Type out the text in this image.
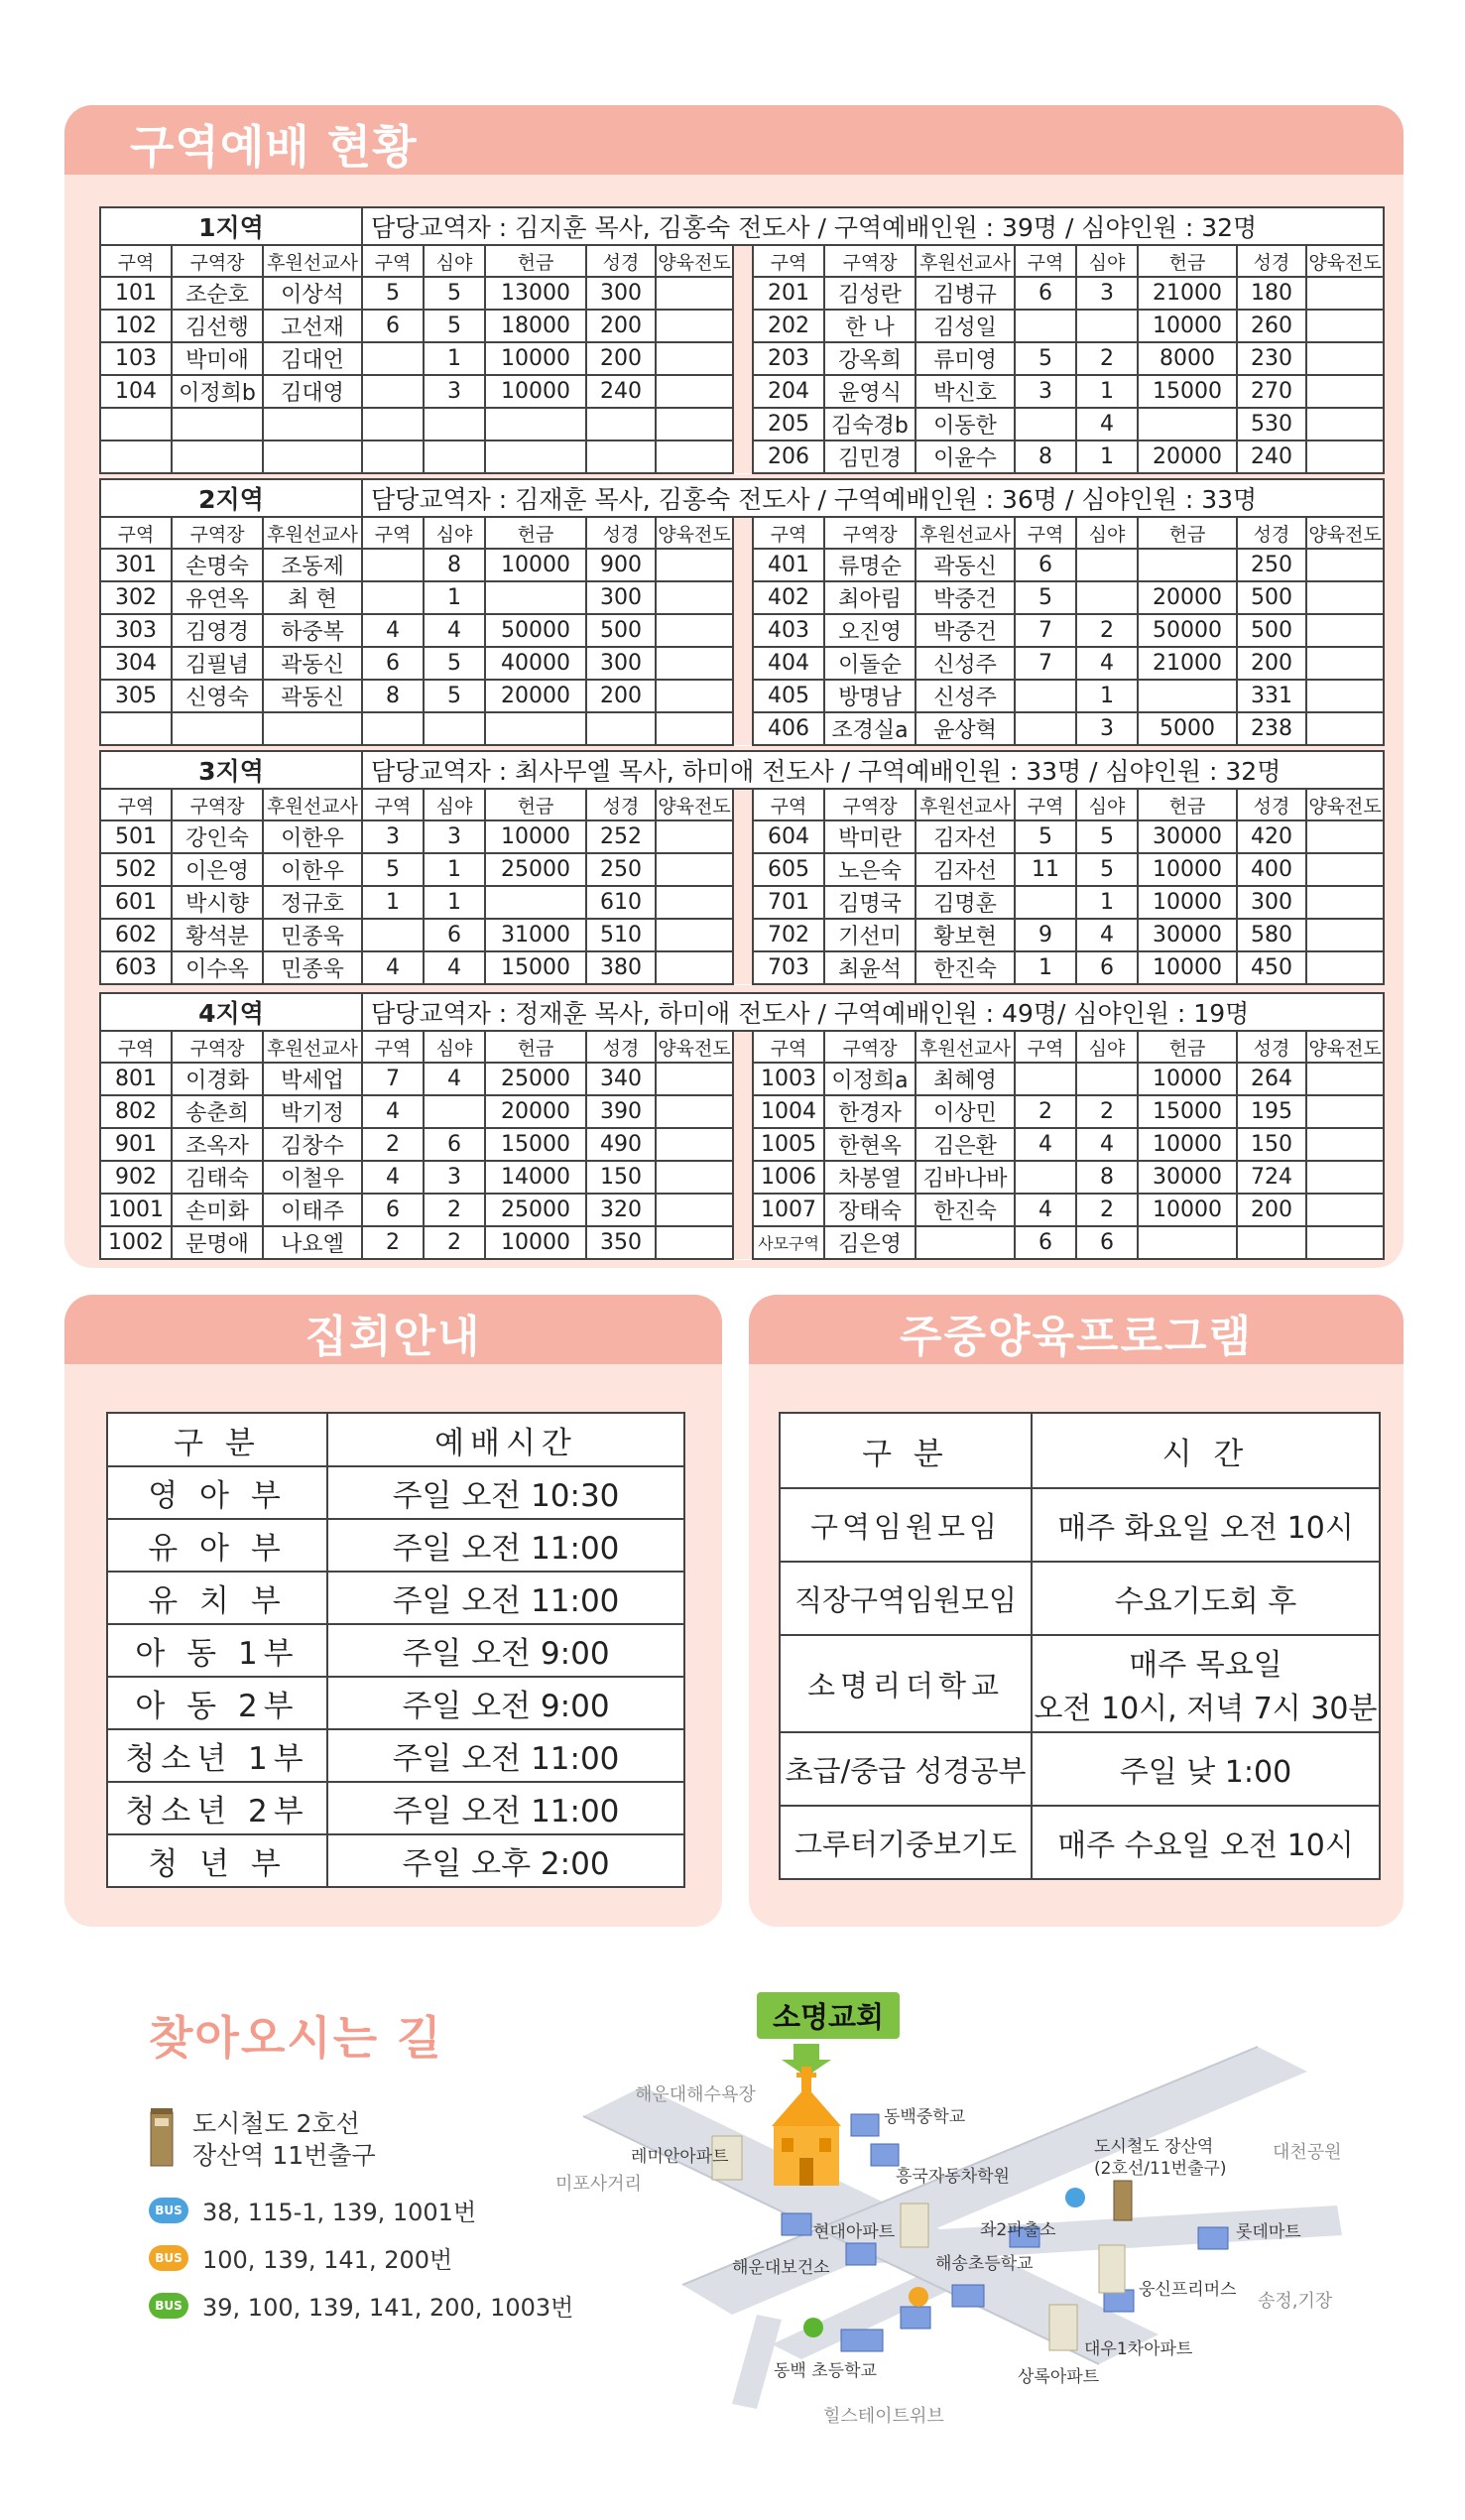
구역예배 현황
1지역			담당교역자 : 김지훈 목사, 김홍숙 전도사 / 구역예배인원 : 39명 / 심야인원 : 32명													
구역	구역장	후원선교사	구역	심야	헌금	성경	양육전도		구역	구역장	후원선교사	구역	심야	헌금	성경	양육전도
101	조순호	이상석	5	5	13000	300			201	김성란	김병규	6	3	21000	180	
102	김선행	고선재	6	5	18000	200			202	한 나	김성일			10000	260	
103	박미애	김대언		1	10000	200			203	강옥희	류미영	5	2	8000	230	
104	이정희b	김대영		3	10000	240			204	윤영식	박신호	3	1	15000	270	
									205	김숙경b	이동한		4		530	
									206	김민경	이윤수	8	1	20000	240	
2지역			담당교역자 : 김재훈 목사, 김홍숙 전도사 / 구역예배인원 : 36명 / 심야인원 : 33명													
구역	구역장	후원선교사	구역	심야	헌금	성경	양육전도		구역	구역장	후원선교사	구역	심야	헌금	성경	양육전도
301	손명숙	조동제		8	10000	900			401	류명순	곽동신	6			250	
302	유연옥	최 현		1		300			402	최아림	박중건	5		20000	500	
303	김영경	하중복	4	4	50000	500			403	오진영	박중건	7	2	50000	500	
304	김필념	곽동신	6	5	40000	300			404	이돌순	신성주	7	4	21000	200	
305	신영숙	곽동신	8	5	20000	200			405	방명남	신성주		1		331	
									406	조경실a	윤상혁		3	5000	238	
3지역			담당교역자 : 최사무엘 목사, 하미애 전도사 / 구역예배인원 : 33명 / 심야인원 : 32명													
구역	구역장	후원선교사	구역	심야	헌금	성경	양육전도		구역	구역장	후원선교사	구역	심야	헌금	성경	양육전도
501	강인숙	이한우	3	3	10000	252			604	박미란	김자선	5	5	30000	420	
502	이은영	이한우	5	1	25000	250			605	노은숙	김자선	11	5	10000	400	
601	박시향	정규호	1	1		610			701	김명국	김명훈		1	10000	300	
602	황석분	민종욱		6	31000	510			702	기선미	황보현	9	4	30000	580	
603	이수옥	민종욱	4	4	15000	380			703	최윤석	한진숙	1	6	10000	450	
4지역			담당교역자 : 정재훈 목사, 하미애 전도사 / 구역예배인원 : 49명/ 심야인원 : 19명													
구역	구역장	후원선교사	구역	심야	헌금	성경	양육전도		구역	구역장	후원선교사	구역	심야	헌금	성경	양육전도
801	이경화	박세업	7	4	25000	340			1003	이정희a	최혜영			10000	264	
802	송춘희	박기정	4		20000	390			1004	한경자	이상민	2	2	15000	195	
901	조옥자	김창수	2	6	15000	490			1005	한현옥	김은환	4	4	10000	150	
902	김태숙	이철우	4	3	14000	150			1006	차봉열	김바나바		8	30000	724	
1001	손미화	이태주	6	2	25000	320			1007	장태숙	한진숙	4	2	10000	200	
1002	문명애	나요엘	2	2	10000	350			사모구역	김은영		6	6			
집회안내
구 분	예배시간
영 아 부	주일 오전 10:30
유 아 부	주일 오전 11:00
유 치 부	주일 오전 11:00
아 동 1부	주일 오전 9:00
아 동 2부	주일 오전 9:00
청소년 1부	주일 오전 11:00
청소년 2부	주일 오전 11:00
청 년 부	주일 오후 2:00
주중양육프로그램
구 분	시 간
구역임원모임	매주 화요일 오전 10시
직장구역임원모임	수요기도회 후
소명리더학교	매주 목요일
오전 10시, 저녁 7시 30분
초급/중급 성경공부	주일 낮 1:00
그루터기중보기도	매주 수요일 오전 10시
찾아오시는 길
도시철도 2호선
장산역 11번출구
BUS 38, 115-1, 139, 1001번
BUS 100, 139, 141, 200번
BUS 39, 100, 139, 141, 200, 1003번
소명교회
해운대해수욕장
동백중학교
레미안아파트
미포사거리	흥국자동차학원
도시철도 장산역
(2호선/11번출구)
대천공원
현대아파트	좌2파출소	롯데마트
해운대보건소	해송초등학교
웅신프리머스
송정,기장
대우1차아파트
동백 초등학교	상록아파트
힐스테이트위브
